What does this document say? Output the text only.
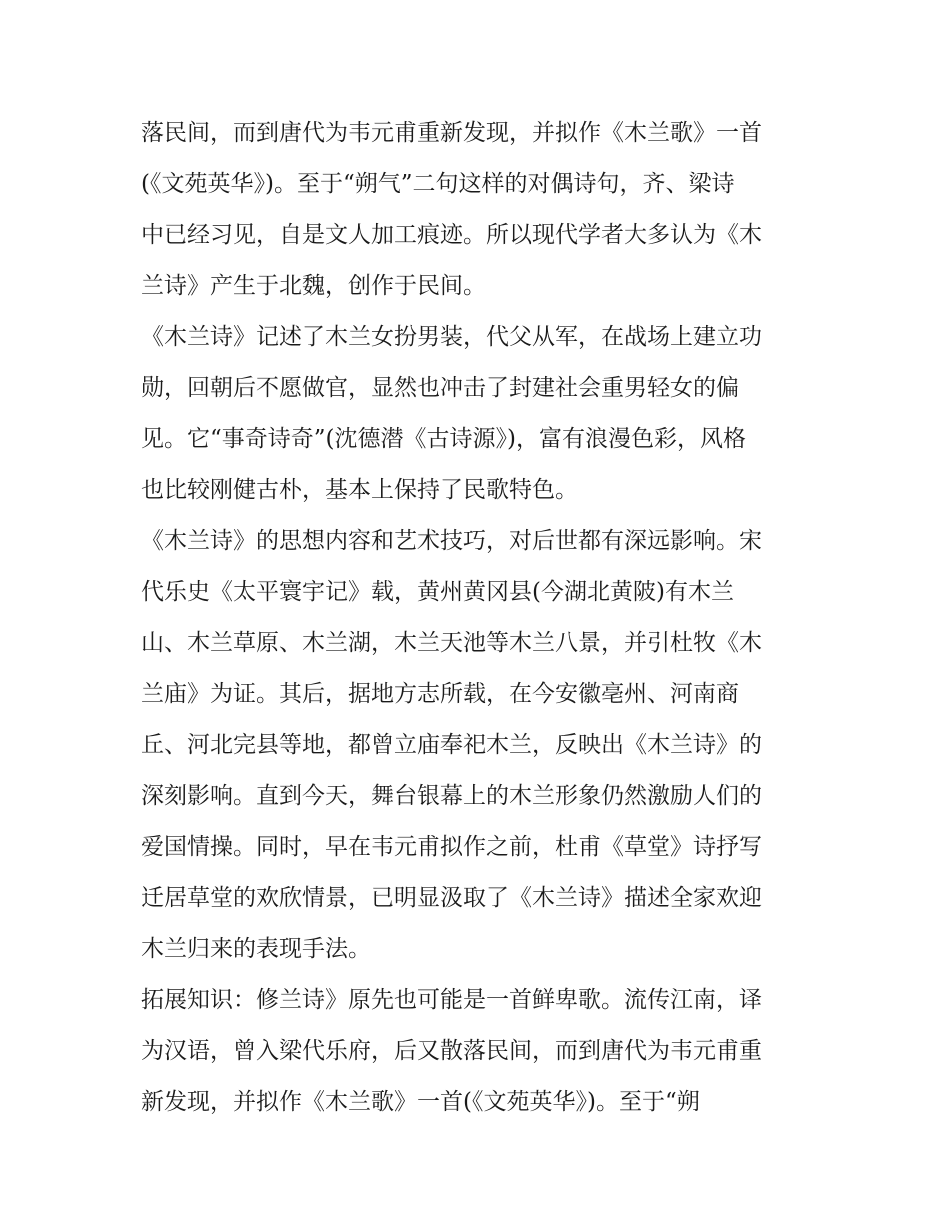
落民间，而到唐代为韦元甫重新发现，并拟作《木兰歌》一首
(《文苑英华》)。至于“朔气”二句这样的对偶诗句，齐、梁诗
中已经习见，自是文人加工痕迹。所以现代学者大多认为《木
兰诗》产生于北魏，创作于民间。
《木兰诗》记述了木兰女扮男装，代父从军，在战场上建立功
勋，回朝后不愿做官，显然也冲击了封建社会重男轻女的偏
见。它“事奇诗奇”(沈德潜《古诗源》)，富有浪漫色彩，风格
也比较刚健古朴，基本上保持了民歌特色。
《木兰诗》的思想内容和艺术技巧，对后世都有深远影响。宋
代乐史《太平寰宇记》载，黄州黄冈县(今湖北黄陂)有木兰
山、木兰草原、木兰湖，木兰天池等木兰八景，并引杜牧《木
兰庙》为证。其后，据地方志所载，在今安徽亳州、河南商
丘、河北完县等地，都曾立庙奉祀木兰，反映出《木兰诗》的
深刻影响。直到今天，舞台银幕上的木兰形象仍然激励人们的
爱国情操。同时，早在韦元甫拟作之前，杜甫《草堂》诗抒写
迁居草堂的欢欣情景，已明显汲取了《木兰诗》描述全家欢迎
木兰归来的表现手法。
拓展知识：修兰诗》原先也可能是一首鲜卑歌。流传江南，译
为汉语，曾入梁代乐府，后又散落民间，而到唐代为韦元甫重
新发现，并拟作《木兰歌》一首(《文苑英华》)。至于“朔
